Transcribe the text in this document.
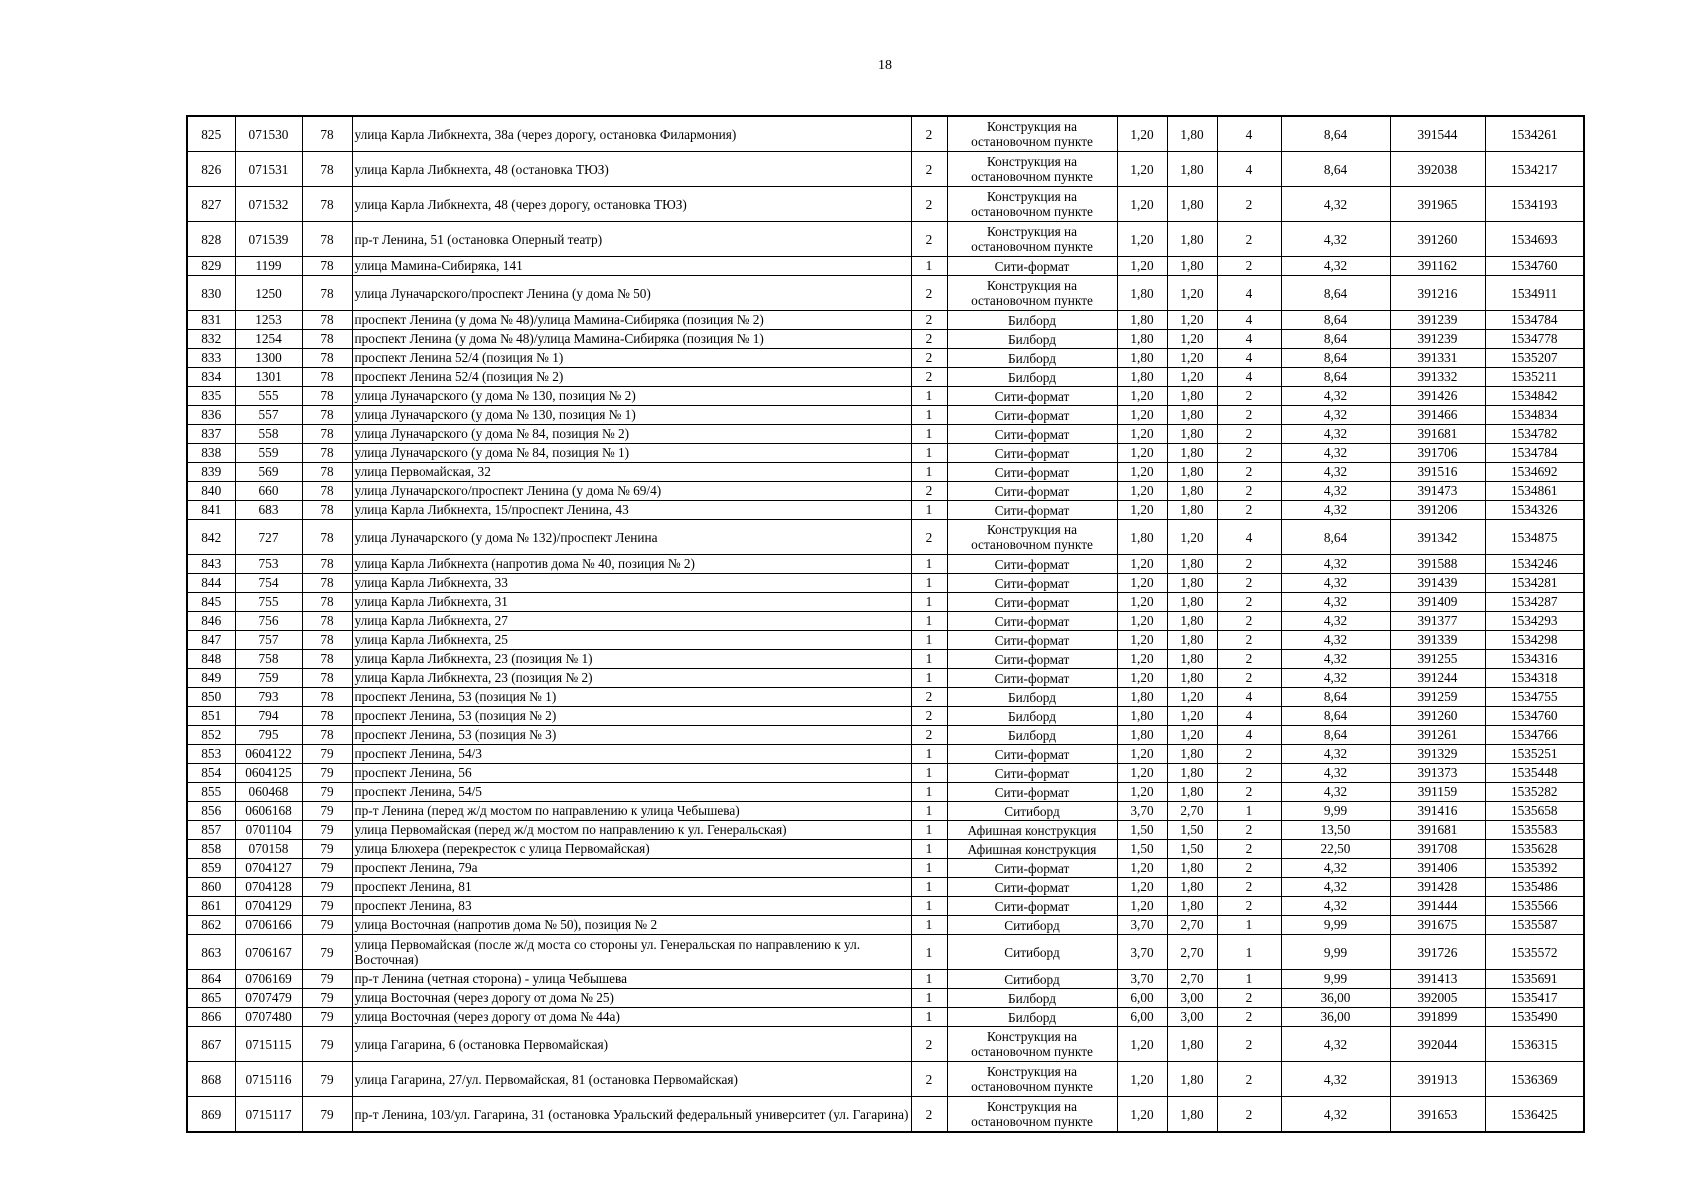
18
825	071530	78	улица Карла Либкнехта, 38а (через дорогу, остановка Филармония)	2	Конструкция на остановочном пункте	1,20	1,80	4	8,64	391544	1534261
826	071531	78	улица Карла Либкнехта, 48 (остановка ТЮЗ)	2	Конструкция на остановочном пункте	1,20	1,80	4	8,64	392038	1534217
827	071532	78	улица Карла Либкнехта, 48 (через дорогу, остановка ТЮЗ)	2	Конструкция на остановочном пункте	1,20	1,80	2	4,32	391965	1534193
828	071539	78	пр-т Ленина, 51 (остановка Оперный театр)	2	Конструкция на остановочном пункте	1,20	1,80	2	4,32	391260	1534693
829	1199	78	улица Мамина-Сибиряка, 141	1	Сити-формат	1,20	1,80	2	4,32	391162	1534760
830	1250	78	улица Луначарского/проспект Ленина (у дома № 50)	2	Конструкция на остановочном пункте	1,80	1,20	4	8,64	391216	1534911
831	1253	78	проспект Ленина (у дома № 48)/улица Мамина-Сибиряка (позиция № 2)	2	Билборд	1,80	1,20	4	8,64	391239	1534784
832	1254	78	проспект Ленина (у дома № 48)/улица Мамина-Сибиряка (позиция № 1)	2	Билборд	1,80	1,20	4	8,64	391239	1534778
833	1300	78	проспект Ленина 52/4 (позиция № 1)	2	Билборд	1,80	1,20	4	8,64	391331	1535207
834	1301	78	проспект Ленина 52/4 (позиция № 2)	2	Билборд	1,80	1,20	4	8,64	391332	1535211
835	555	78	улица Луначарского (у дома № 130, позиция № 2)	1	Сити-формат	1,20	1,80	2	4,32	391426	1534842
836	557	78	улица Луначарского (у дома № 130, позиция № 1)	1	Сити-формат	1,20	1,80	2	4,32	391466	1534834
837	558	78	улица Луначарского (у дома № 84, позиция № 2)	1	Сити-формат	1,20	1,80	2	4,32	391681	1534782
838	559	78	улица Луначарского (у дома № 84, позиция № 1)	1	Сити-формат	1,20	1,80	2	4,32	391706	1534784
839	569	78	улица Первомайская, 32	1	Сити-формат	1,20	1,80	2	4,32	391516	1534692
840	660	78	улица Луначарского/проспект Ленина (у дома № 69/4)	2	Сити-формат	1,20	1,80	2	4,32	391473	1534861
841	683	78	улица Карла Либкнехта, 15/проспект Ленина, 43	1	Сити-формат	1,20	1,80	2	4,32	391206	1534326
842	727	78	улица Луначарского (у дома № 132)/проспект Ленина	2	Конструкция на остановочном пункте	1,80	1,20	4	8,64	391342	1534875
843	753	78	улица Карла Либкнехта (напротив дома № 40, позиция № 2)	1	Сити-формат	1,20	1,80	2	4,32	391588	1534246
844	754	78	улица Карла Либкнехта, 33	1	Сити-формат	1,20	1,80	2	4,32	391439	1534281
845	755	78	улица Карла Либкнехта, 31	1	Сити-формат	1,20	1,80	2	4,32	391409	1534287
846	756	78	улица Карла Либкнехта, 27	1	Сити-формат	1,20	1,80	2	4,32	391377	1534293
847	757	78	улица Карла Либкнехта, 25	1	Сити-формат	1,20	1,80	2	4,32	391339	1534298
848	758	78	улица Карла Либкнехта, 23 (позиция № 1)	1	Сити-формат	1,20	1,80	2	4,32	391255	1534316
849	759	78	улица Карла Либкнехта, 23 (позиция № 2)	1	Сити-формат	1,20	1,80	2	4,32	391244	1534318
850	793	78	проспект Ленина, 53 (позиция № 1)	2	Билборд	1,80	1,20	4	8,64	391259	1534755
851	794	78	проспект Ленина, 53 (позиция № 2)	2	Билборд	1,80	1,20	4	8,64	391260	1534760
852	795	78	проспект Ленина, 53 (позиция № 3)	2	Билборд	1,80	1,20	4	8,64	391261	1534766
853	0604122	79	проспект Ленина, 54/3	1	Сити-формат	1,20	1,80	2	4,32	391329	1535251
854	0604125	79	проспект Ленина, 56	1	Сити-формат	1,20	1,80	2	4,32	391373	1535448
855	060468	79	проспект Ленина, 54/5	1	Сити-формат	1,20	1,80	2	4,32	391159	1535282
856	0606168	79	пр-т Ленина (перед ж/д мостом по направлению к улица Чебышева)	1	Ситиборд	3,70	2,70	1	9,99	391416	1535658
857	0701104	79	улица Первомайская (перед ж/д мостом по направлению к ул. Генеральская)	1	Афишная конструкция	1,50	1,50	2	13,50	391681	1535583
858	070158	79	улица Блюхера (перекресток с улица Первомайская)	1	Афишная конструкция	1,50	1,50	2	22,50	391708	1535628
859	0704127	79	проспект Ленина, 79а	1	Сити-формат	1,20	1,80	2	4,32	391406	1535392
860	0704128	79	проспект Ленина, 81	1	Сити-формат	1,20	1,80	2	4,32	391428	1535486
861	0704129	79	проспект Ленина, 83	1	Сити-формат	1,20	1,80	2	4,32	391444	1535566
862	0706166	79	улица Восточная (напротив дома № 50), позиция № 2	1	Ситиборд	3,70	2,70	1	9,99	391675	1535587
863	0706167	79	улица Первомайская (после ж/д моста со стороны ул. Генеральская по направлению к ул. Восточная)	1	Ситиборд	3,70	2,70	1	9,99	391726	1535572
864	0706169	79	пр-т Ленина (четная сторона) - улица Чебышева	1	Ситиборд	3,70	2,70	1	9,99	391413	1535691
865	0707479	79	улица Восточная (через дорогу от дома № 25)	1	Билборд	6,00	3,00	2	36,00	392005	1535417
866	0707480	79	улица Восточная (через дорогу от дома № 44а)	1	Билборд	6,00	3,00	2	36,00	391899	1535490
867	0715115	79	улица Гагарина, 6 (остановка Первомайская)	2	Конструкция на остановочном пункте	1,20	1,80	2	4,32	392044	1536315
868	0715116	79	улица Гагарина, 27/ул. Первомайская, 81 (остановка Первомайская)	2	Конструкция на остановочном пункте	1,20	1,80	2	4,32	391913	1536369
869	0715117	79	пр-т Ленина, 103/ул. Гагарина, 31 (остановка Уральский федеральный университет (ул. Гагарина)	2	Конструкция на остановочном пункте	1,20	1,80	2	4,32	391653	1536425
